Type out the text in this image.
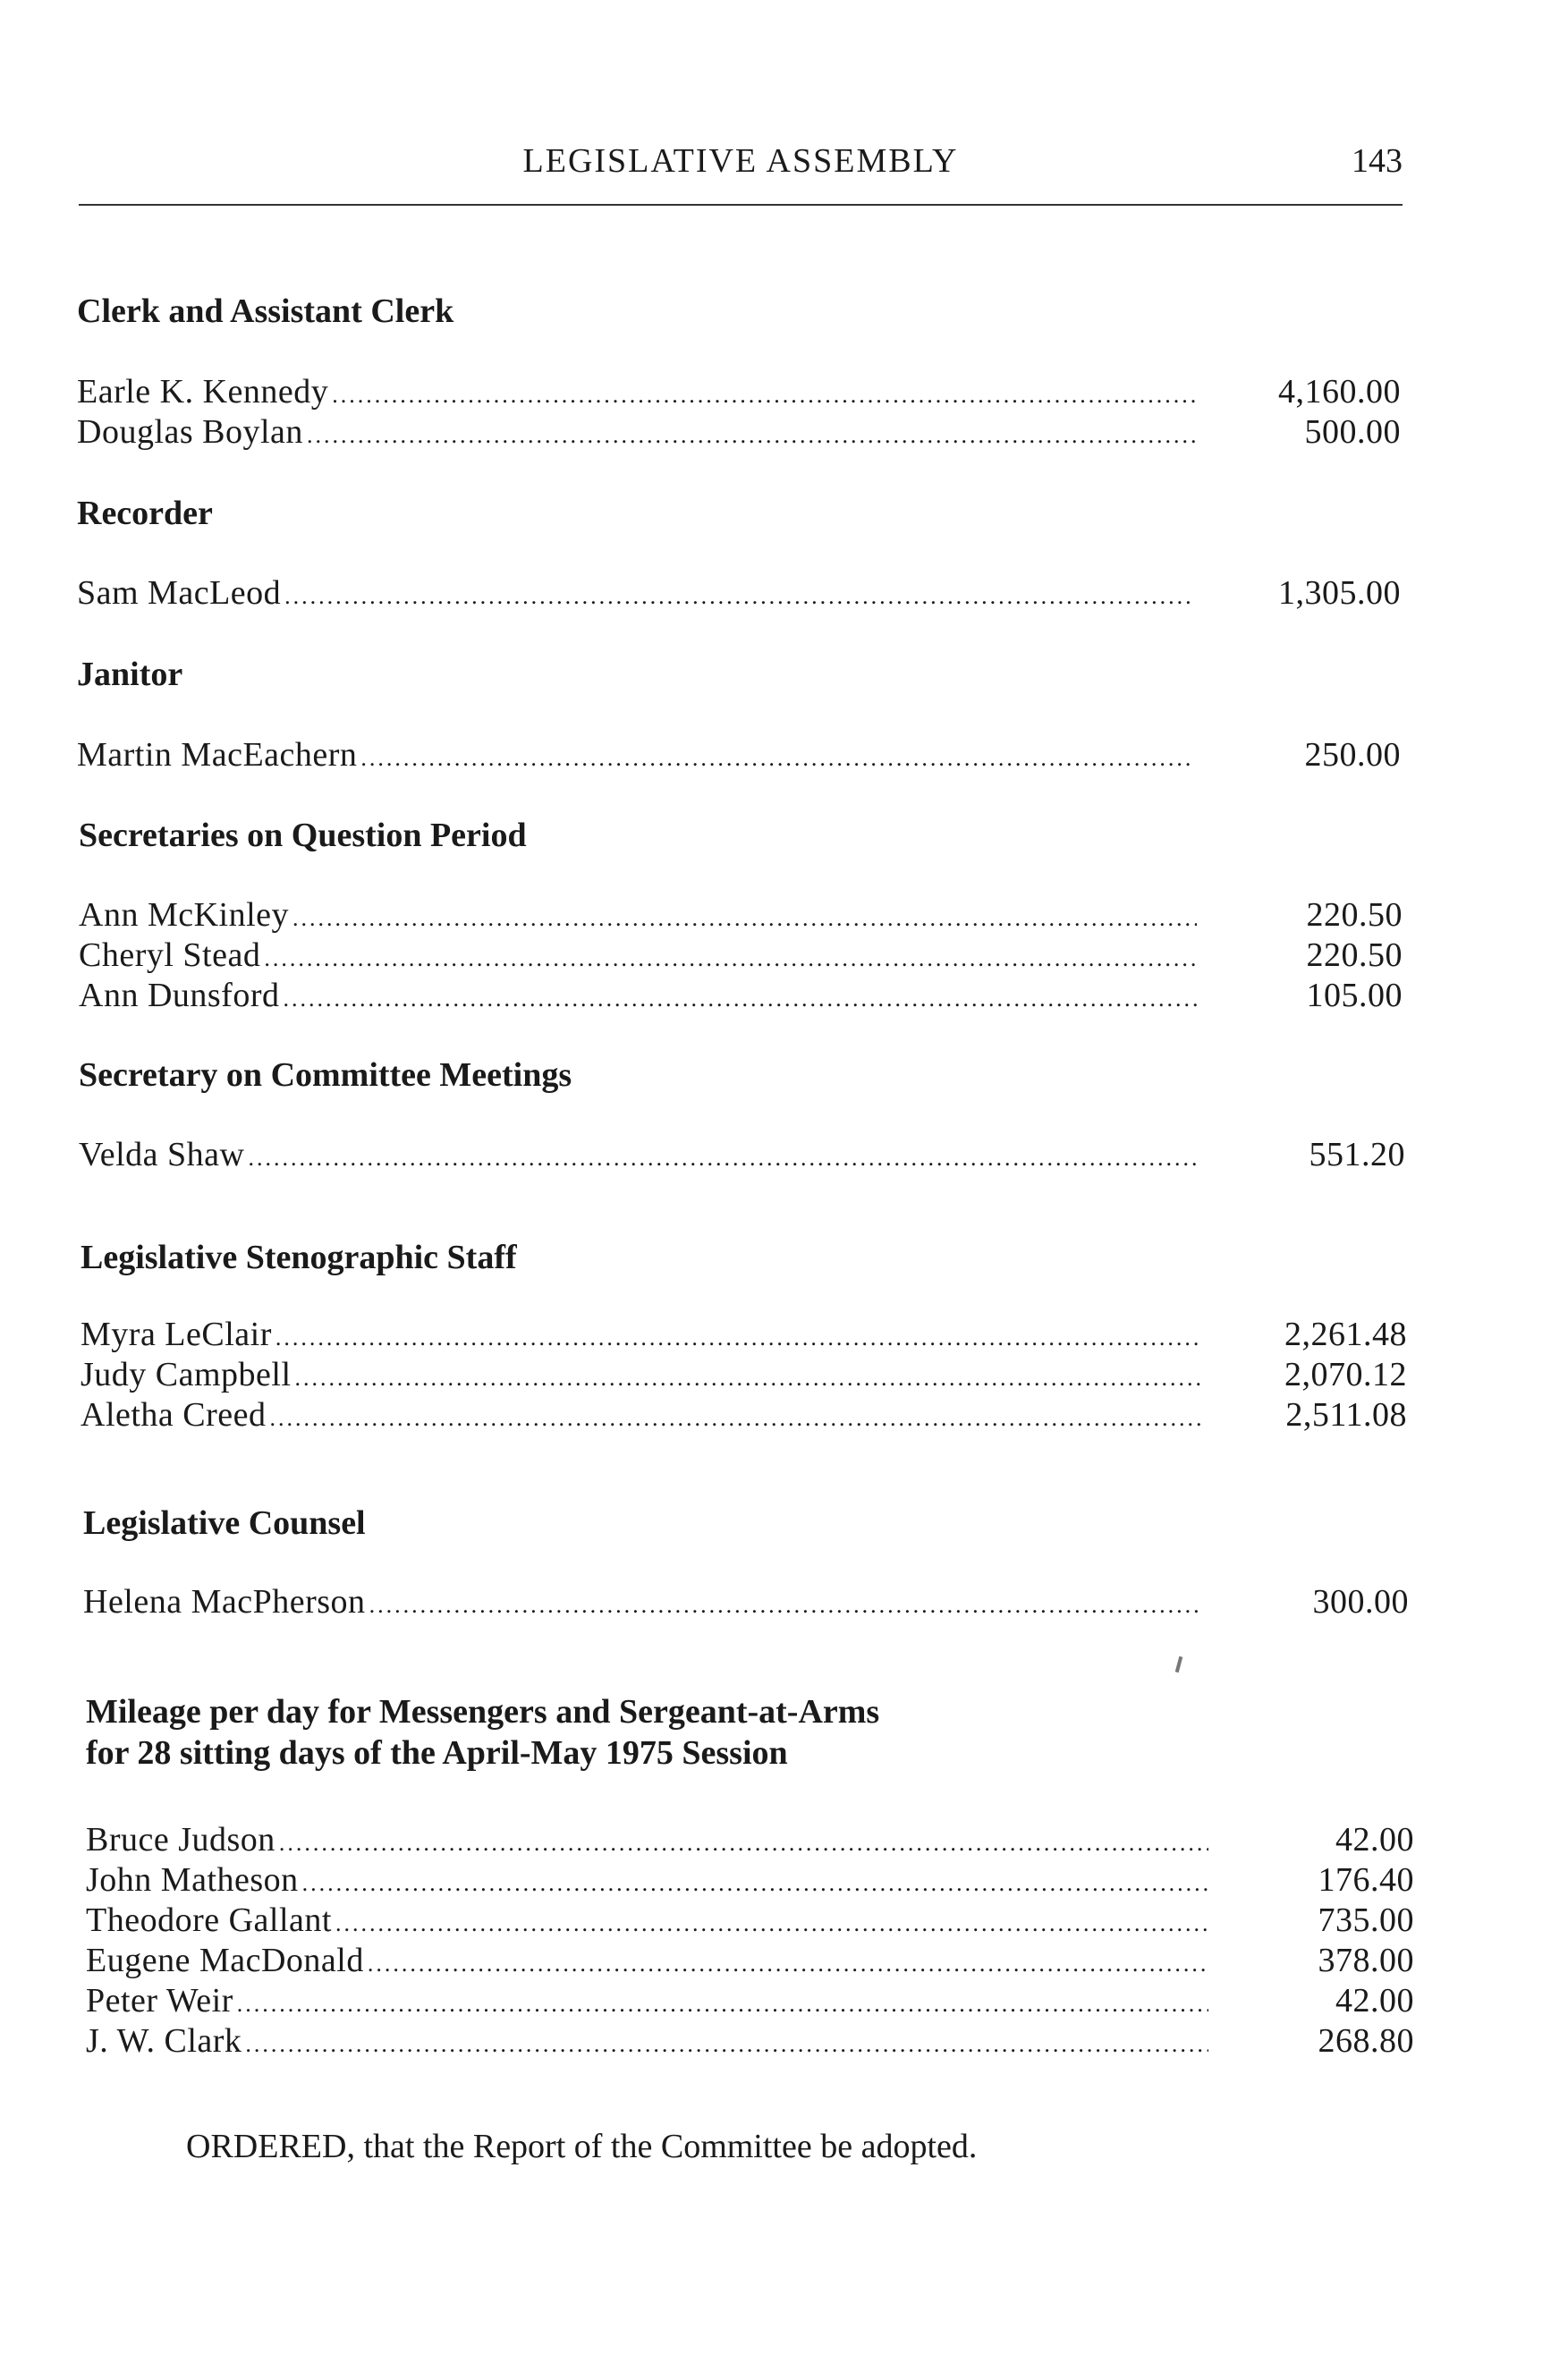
LEGISLATIVE ASSEMBLY	143
Clerk and Assistant Clerk
Earle K. Kennedy .....	4,160.00
Douglas Boylan .....	500.00
Recorder
Sam MacLeod .....	1,305.00
Janitor
Martin MacEachern .....	250.00
Secretaries on Question Period
Ann McKinley .....	220.50
Cheryl Stead .....	220.50
Ann Dunsford .....	105.00
Secretary on Committee Meetings
Velda Shaw .....	551.20
Legislative Stenographic Staff
Myra LeClair .....	2,261.48
Judy Campbell .....	2,070.12
Aletha Creed .....	2,511.08
Legislative Counsel
Helena MacPherson .....	300.00
Mileage per day for Messengers and Sergeant-at-Arms
for 28 sitting days of the April-May 1975 Session
Bruce Judson .....	42.00
John Matheson .....	176.40
Theodore Gallant .....	735.00
Eugene MacDonald .....	378.00
Peter Weir .....	42.00
J. W. Clark .....	268.80
ORDERED, that the Report of the Committee be adopted.
